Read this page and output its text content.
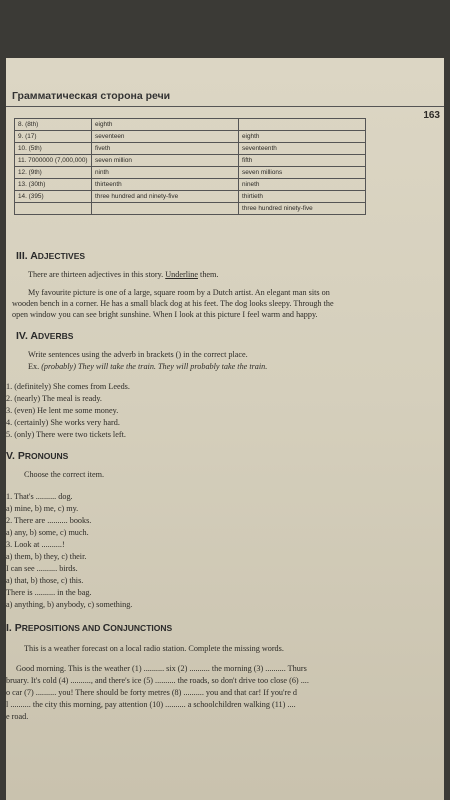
Грамматическая сторона речи
163
8. (8th)	eighth	
9. (17)	seventeen	eighth
10. (5th)	fiveth	seventeenth
11. 7000000 (7,000,000)	seven million	fifth
12. (9th)	ninth	seven millions
13. (30th)	thirteenth	nineth
14. (395)	three hundred and ninety-five	thirtieth
		three hundred ninety-five
III. ADJECTIVES
There are thirteen adjectives in this story. Underline them.
My favourite picture is one of a large, square room by a Dutch artist. An elegant man sits on
wooden bench in a corner. He has a small black dog at his feet. The dog looks sleepy. Through the
open window you can see bright sunshine. When I look at this picture I feel warm and happy.
IV. ADVERBS
Write sentences using the adverb in brackets () in the correct place.
Ex. (probably) They will take the train. They will probably take the train.
1. (definitely) She comes from Leeds.
2. (nearly) The meal is ready.
3. (even) He lent me some money.
4. (certainly) She works very hard.
5. (only) There were two tickets left.
V. PRONOUNS
Choose the correct item.
1. That's .......... dog.
a) mine, b) me, c) my.
2. There are .......... books.
a) any, b) some, c) much.
3. Look at ..........!
a) them, b) they, c) their.
I can see .......... birds.
a) that, b) those, c) this.
There is .......... in the bag.
a) anything, b) anybody, c) something.
I. PREPOSITIONS AND CONJUNCTIONS
This is a weather forecast on a local radio station. Complete the missing words.
Good morning. This is the weather (1) .......... six (2) .......... the morning (3) .......... Thurs
bruary. It's cold (4) .........., and there's ice (5) .......... the roads, so don't drive too close (6) ....
o car (7) .......... you! There should be forty metres (8) .......... you and that car! If you're d
l .......... the city this morning, pay attention (10) .......... a schoolchildren walking (11) ....
e road.
